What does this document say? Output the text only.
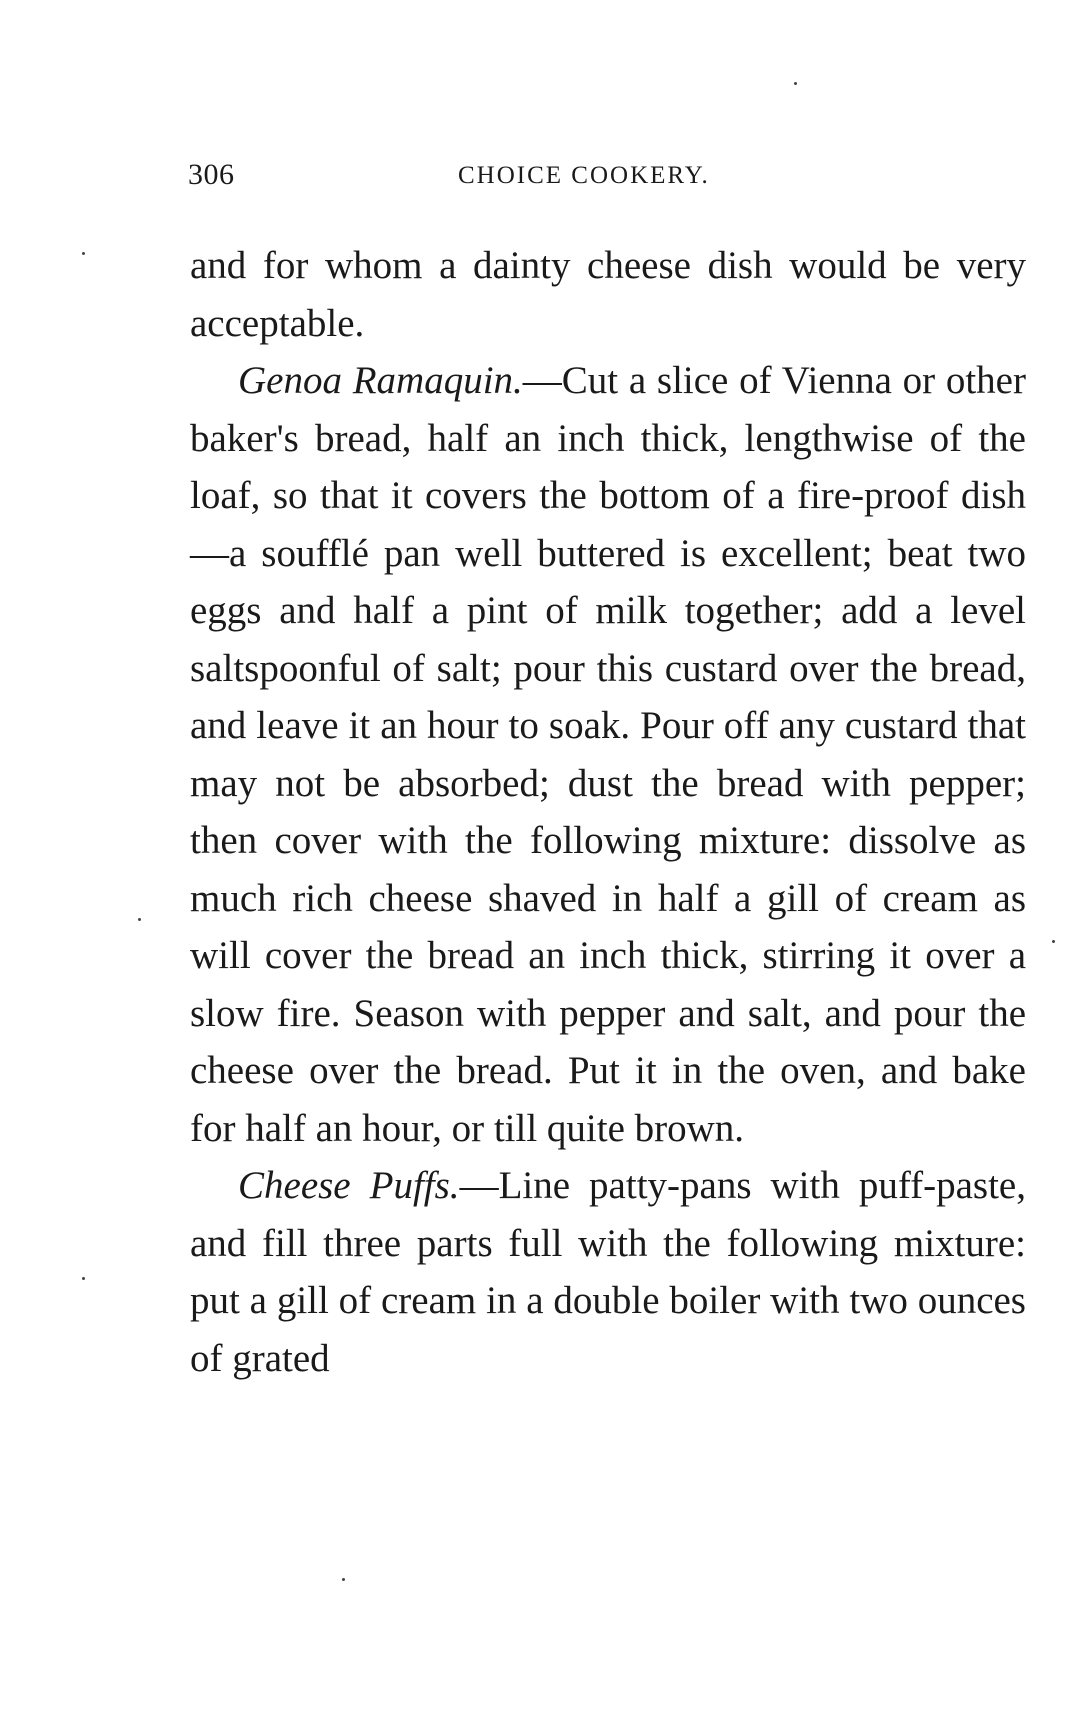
306	CHOICE COOKERY.

and for whom a dainty cheese dish would be very acceptable.

Genoa Ramaquin.—Cut a slice of Vienna or other baker's bread, half an inch thick, lengthwise of the loaf, so that it covers the bottom of a fire-proof dish—a soufflé pan well buttered is excellent; beat two eggs and half a pint of milk together; add a level saltspoonful of salt; pour this custard over the bread, and leave it an hour to soak. Pour off any custard that may not be absorbed; dust the bread with pepper; then cover with the following mixture: dissolve as much rich cheese shaved in half a gill of cream as will cover the bread an inch thick, stirring it over a slow fire. Season with pepper and salt, and pour the cheese over the bread. Put it in the oven, and bake for half an hour, or till quite brown.

Cheese Puffs.—Line patty-pans with puff-paste, and fill three parts full with the following mixture: put a gill of cream in a double boiler with two ounces of grated
